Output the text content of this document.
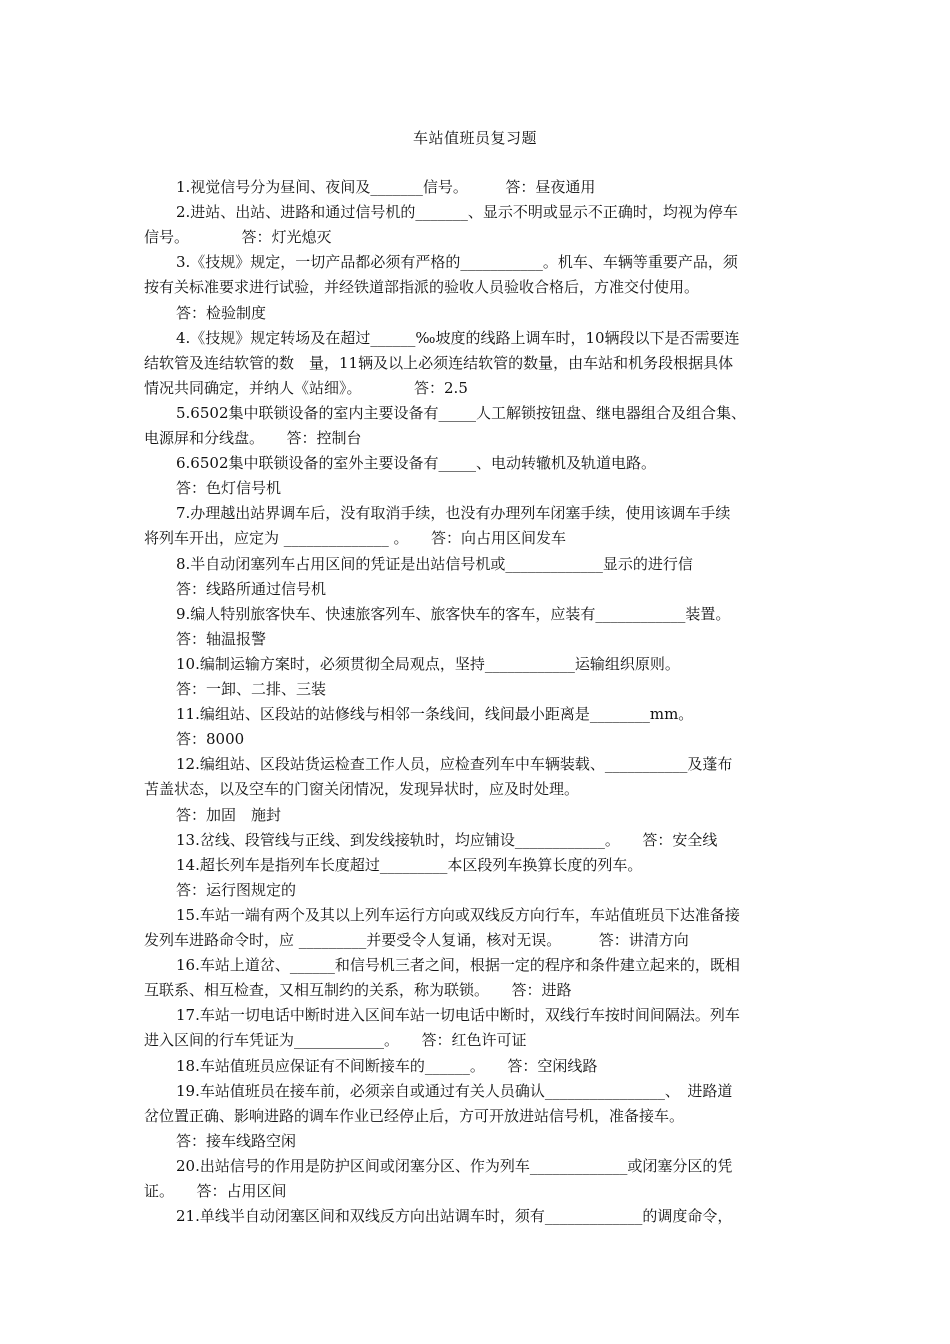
车站值班员复习题
1.视觉信号分为昼间、夜间及_______信号。　　　答：昼夜通用
2.进站、出站、进路和通过信号机的_______、显示不明或显示不正确时，均视为停车
信号。　　　　答：灯光熄灭
3.《技规》规定，一切产品都必须有严格的___________。机车、车辆等重要产品，须
按有关标准要求进行试验，并经铁道部指派的验收人员验收合格后，方准交付使用。
答：检验制度
4.《技规》规定转场及在超过______‰坡度的线路上调车时，10辆段以下是否需要连
结软管及连结软管的数　量，11辆及以上必须连结软管的数量，由车站和机务段根据具体
情况共同确定，并纳人《站细》。　　　　答：2.5
5.6502集中联锁设备的室内主要设备有_____人工解锁按钮盘、继电器组合及组合集、
电源屏和分线盘。　　答：控制台
6.6502集中联锁设备的室外主要设备有_____、电动转辙机及轨道电路。
答：色灯信号机
7.办理越出站界调车后，没有取消手续，也没有办理列车闭塞手续，使用该调车手续
将列车开出，应定为 ______________ 。　　答：向占用区间发车
8.半自动闭塞列车占用区间的凭证是出站信号机或_____________显示的进行信
答：线路所通过信号机
9.编人特别旅客快车、快速旅客列车、旅客快车的客车，应装有____________装置。
答：轴温报警
10.编制运输方案时，必须贯彻全局观点，坚持____________运输组织原则。
答：一卸、二排、三装
11.编组站、区段站的站修线与相邻一条线间，线间最小距离是________mm。
答：8000
12.编组站、区段站货运检查工作人员，应检查列车中车辆装载、___________及蓬布
苫盖状态，以及空车的门窗关闭情况，发现异状时，应及时处理。
答：加固　施封
13.岔线、段管线与正线、到发线接轨时，均应铺设____________。　　答：安全线
14.超长列车是指列车长度超过_________本区段列车换算长度的列车。
答：运行图规定的
15.车站一端有两个及其以上列车运行方向或双线反方向行车，车站值班员下达准备接
发列车进路命令时，应 _________并要受令人复诵，核对无误。　　　答：讲清方向
16.车站上道岔、______和信号机三者之间，根据一定的程序和条件建立起来的，既相
互联系、相互检查，又相互制约的关系，称为联锁。　　答：进路
17.车站一切电话中断时进入区间车站一切电话中断时，双线行车按时间间隔法。列车
进入区间的行车凭证为____________。　　答：红色许可证
18.车站值班员应保证有不间断接车的______。　　答：空闲线路
19.车站值班员在接车前，必须亲自或通过有关人员确认________________、　进路道
岔位置正确、影响进路的调车作业已经停止后，方可开放进站信号机，准备接车。
答：接车线路空闲
20.出站信号的作用是防护区间或闭塞分区、作为列车_____________或闭塞分区的凭
证。　　答：占用区间
21.单线半自动闭塞区间和双线反方向出站调车时，须有_____________的调度命令，
